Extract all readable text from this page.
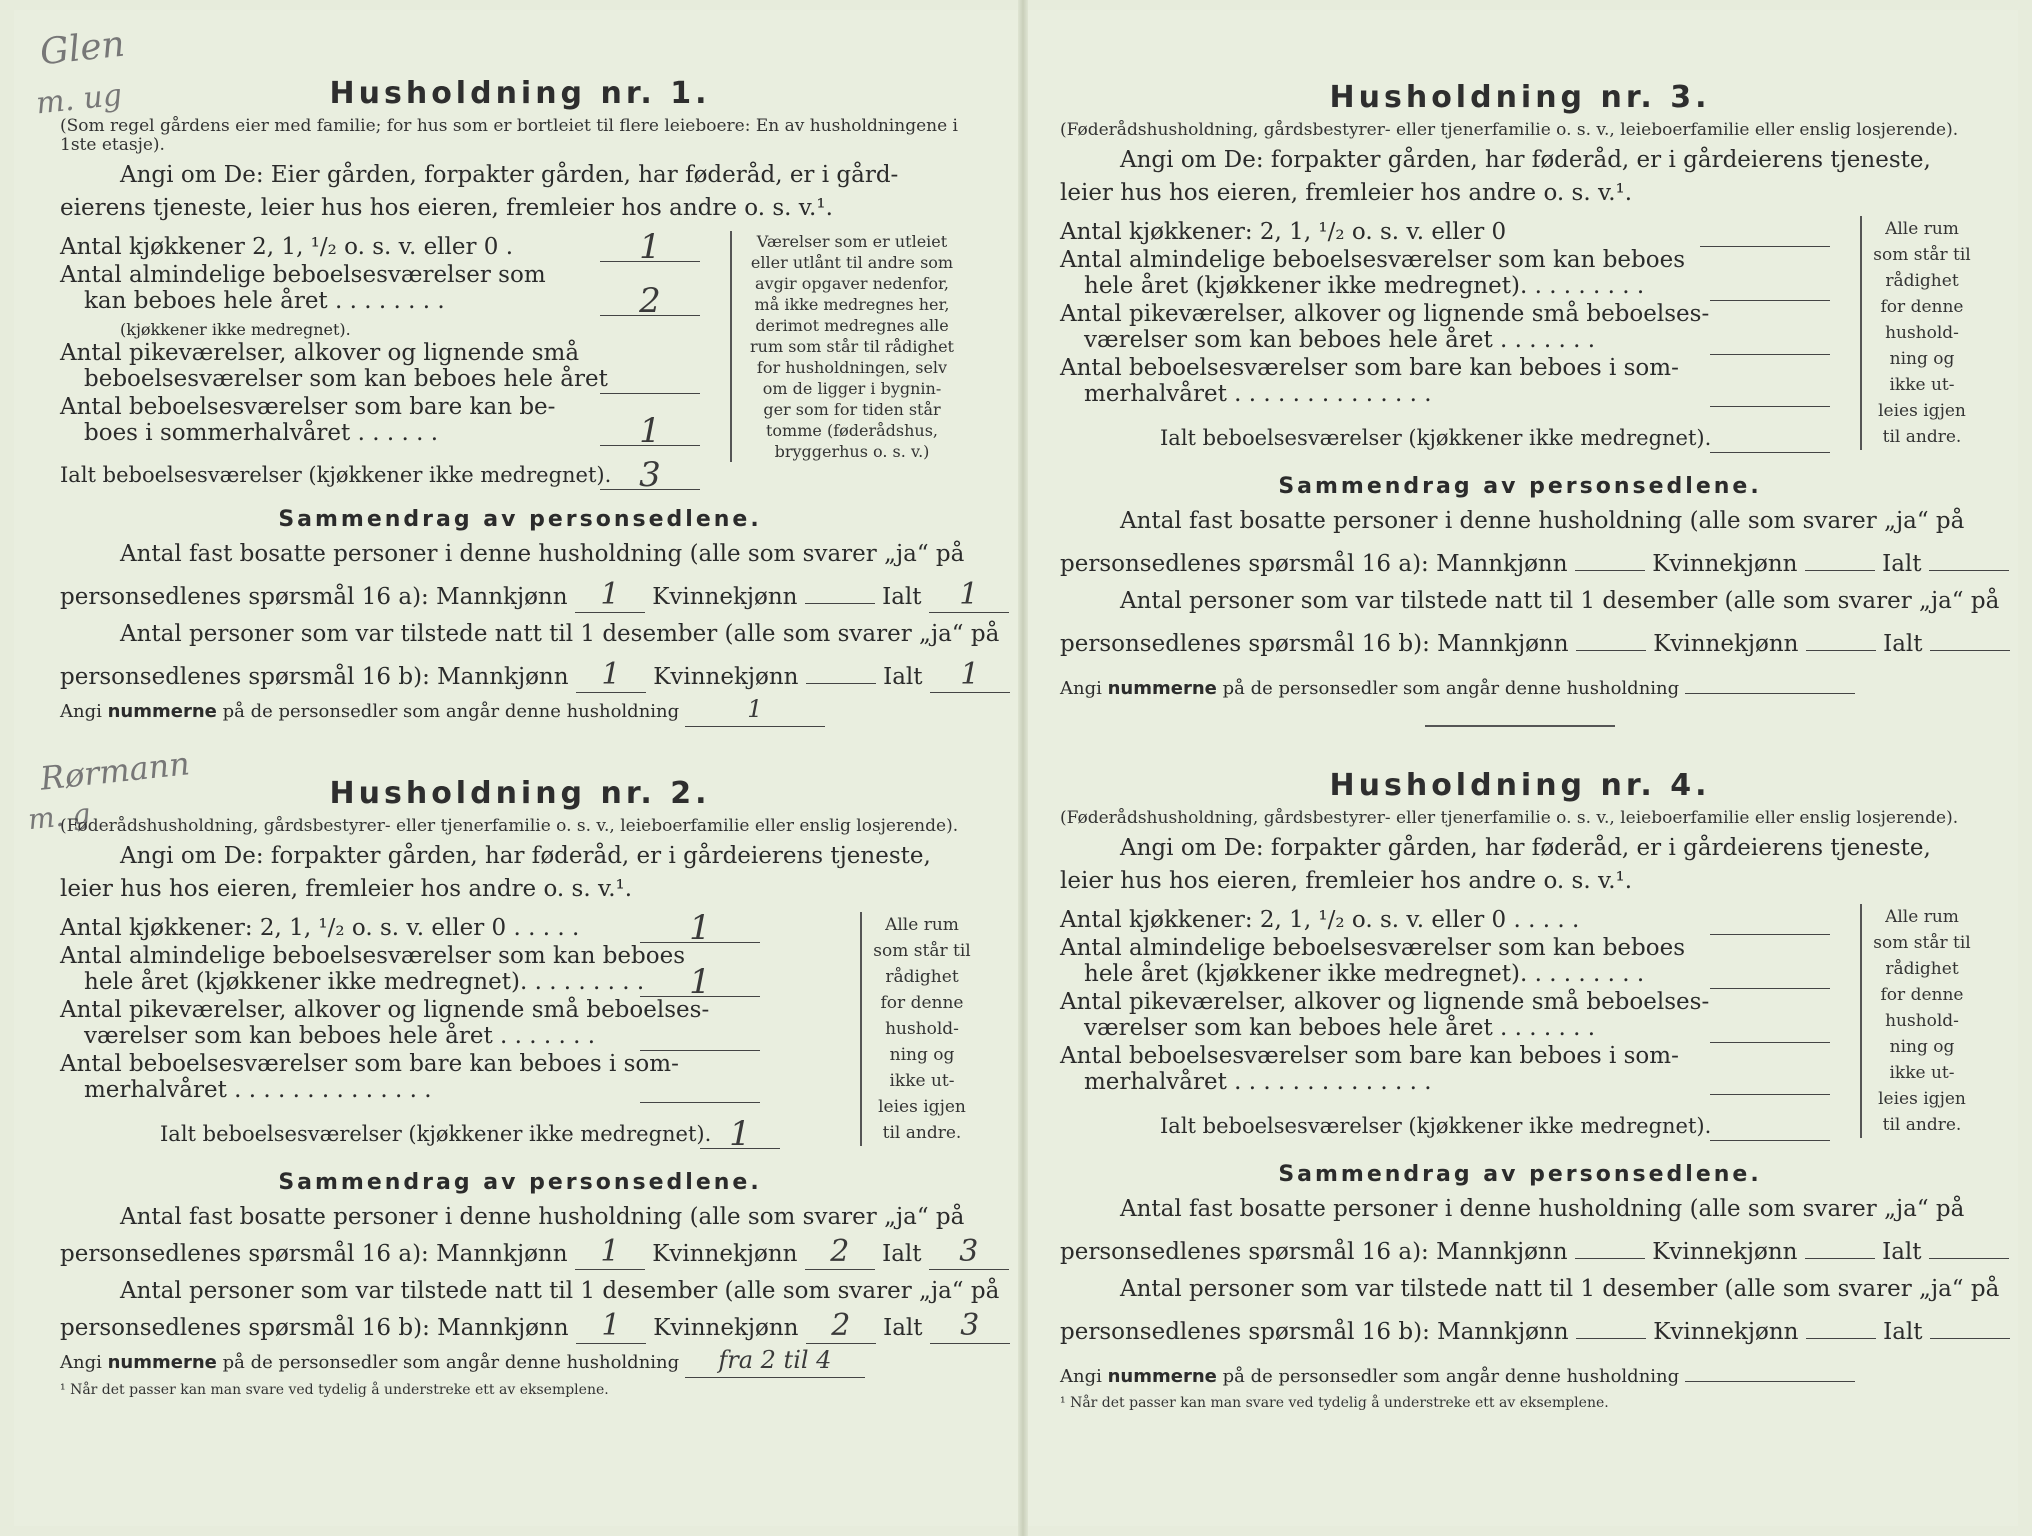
Glen
m. ug
Rørmann
m. g

Husholdning nr. 1.

(Som regel gårdens eier med familie; for hus som er bortleiet til flere leieboere: En av husholdningene i 1ste etasje).

Angi om De: Eier gården, forpakter gården, har føderåd, er i gård-

eierens tjeneste, leier hus hos eieren, fremleier hos andre o. s. v.¹.

Antal kjøkkener 2, 1, ¹/₂ o. s. v. eller 0 .	1
Antal almindelige beboelsesværelser som
kan beboes hele året . . . . . . . .	2
(kjøkkener ikke medregnet).
Antal pikeværelser, alkover og lignende små
beboelsesværelser som kan beboes hele året
Antal beboelsesværelser som bare kan be-
boes i sommerhalvåret . . . . . .	1
Ialt beboelsesværelser (kjøkkener ikke medregnet). 3
Værelser som er utleiet
eller utlånt til andre som
avgir opgaver nedenfor,
må ikke medregnes her,
derimot medregnes alle
rum som står til rådighet
for husholdningen, selv
om de ligger i bygnin-
ger som for tiden står
tomme (føderådshus,
bryggerhus o. s. v.)

Sammendrag av personsedlene.

Antal fast bosatte personer i denne husholdning (alle som svarer „ja“ på

personsedlenes spørsmål 16 a): Mannkjønn 1 Kvinnekjønn	Ialt 1

Antal personer som var tilstede natt til 1 desember (alle som svarer „ja“ på

personsedlenes spørsmål 16 b): Mannkjønn 1 Kvinnekjønn	Ialt 1

Angi nummerne på de personsedler som angår denne husholdning	1

Husholdning nr. 2.

(Føderådshusholdning, gårdsbestyrer- eller tjenerfamilie o. s. v., leieboerfamilie eller enslig losjerende).

Angi om De: forpakter gården, har føderåd, er i gårdeierens tjeneste,

leier hus hos eieren, fremleier hos andre o. s. v.¹.

Antal kjøkkener: 2, 1, ¹/₂ o. s. v. eller 0 . . . . .	1
Antal almindelige beboelsesværelser som kan beboes
hele året (kjøkkener ikke medregnet). . . . . . . . .	1
Antal pikeværelser, alkover og lignende små beboelses-
værelser som kan beboes hele året . . . . . . .
Antal beboelsesværelser som bare kan beboes i som-
merhalvåret . . . . . . . . . . . . . .
Ialt beboelsesværelser (kjøkkener ikke medregnet). 1
Alle rum
som står til
rådighet
for denne
hushold-
ning og
ikke ut-
leies igjen
til andre.

Sammendrag av personsedlene.

Antal fast bosatte personer i denne husholdning (alle som svarer „ja“ på

personsedlenes spørsmål 16 a): Mannkjønn 1 Kvinnekjønn 2 Ialt 3

Antal personer som var tilstede natt til 1 desember (alle som svarer „ja“ på

personsedlenes spørsmål 16 b): Mannkjønn 1 Kvinnekjønn 2 Ialt 3

Angi nummerne på de personsedler som angår denne husholdning fra 2 til 4

¹ Når det passer kan man svare ved tydelig å understreke ett av eksemplene.

Husholdning nr. 3.

(Føderådshusholdning, gårdsbestyrer- eller tjenerfamilie o. s. v., leieboerfamilie eller enslig losjerende).

Angi om De: forpakter gården, har føderåd, er i gårdeierens tjeneste,

leier hus hos eieren, fremleier hos andre o. s. v.¹.

Antal kjøkkener: 2, 1, ¹/₂ o. s. v. eller 0
Antal almindelige beboelsesværelser som kan beboes
hele året (kjøkkener ikke medregnet). . . . . . . . .
Antal pikeværelser, alkover og lignende små beboelses-
værelser som kan beboes hele året . . . . . . .
Antal beboelsesværelser som bare kan beboes i som-
merhalvåret . . . . . . . . . . . . . .
Ialt beboelsesværelser (kjøkkener ikke medregnet).
Alle rum
som står til
rådighet
for denne
hushold-
ning og
ikke ut-
leies igjen
til andre.

Sammendrag av personsedlene.

Antal fast bosatte personer i denne husholdning (alle som svarer „ja“ på

personsedlenes spørsmål 16 a): Mannkjønn	Kvinnekjønn	Ialt

Antal personer som var tilstede natt til 1 desember (alle som svarer „ja“ på

personsedlenes spørsmål 16 b): Mannkjønn	Kvinnekjønn	Ialt

Angi nummerne på de personsedler som angår denne husholdning

Husholdning nr. 4.

(Føderådshusholdning, gårdsbestyrer- eller tjenerfamilie o. s. v., leieboerfamilie eller enslig losjerende).

Angi om De: forpakter gården, har føderåd, er i gårdeierens tjeneste,

leier hus hos eieren, fremleier hos andre o. s. v.¹.

Antal kjøkkener: 2, 1, ¹/₂ o. s. v. eller 0 . . . . .
Antal almindelige beboelsesværelser som kan beboes
hele året (kjøkkener ikke medregnet). . . . . . . . .
Antal pikeværelser, alkover og lignende små beboelses-
værelser som kan beboes hele året . . . . . . .
Antal beboelsesværelser som bare kan beboes i som-
merhalvåret . . . . . . . . . . . . . .
Ialt beboelsesværelser (kjøkkener ikke medregnet).
Alle rum
som står til
rådighet
for denne
hushold-
ning og
ikke ut-
leies igjen
til andre.

Sammendrag av personsedlene.

Antal fast bosatte personer i denne husholdning (alle som svarer „ja“ på

personsedlenes spørsmål 16 a): Mannkjønn	Kvinnekjønn	Ialt

Antal personer som var tilstede natt til 1 desember (alle som svarer „ja“ på

personsedlenes spørsmål 16 b): Mannkjønn	Kvinnekjønn	Ialt

Angi nummerne på de personsedler som angår denne husholdning

¹ Når det passer kan man svare ved tydelig å understreke ett av eksemplene.
